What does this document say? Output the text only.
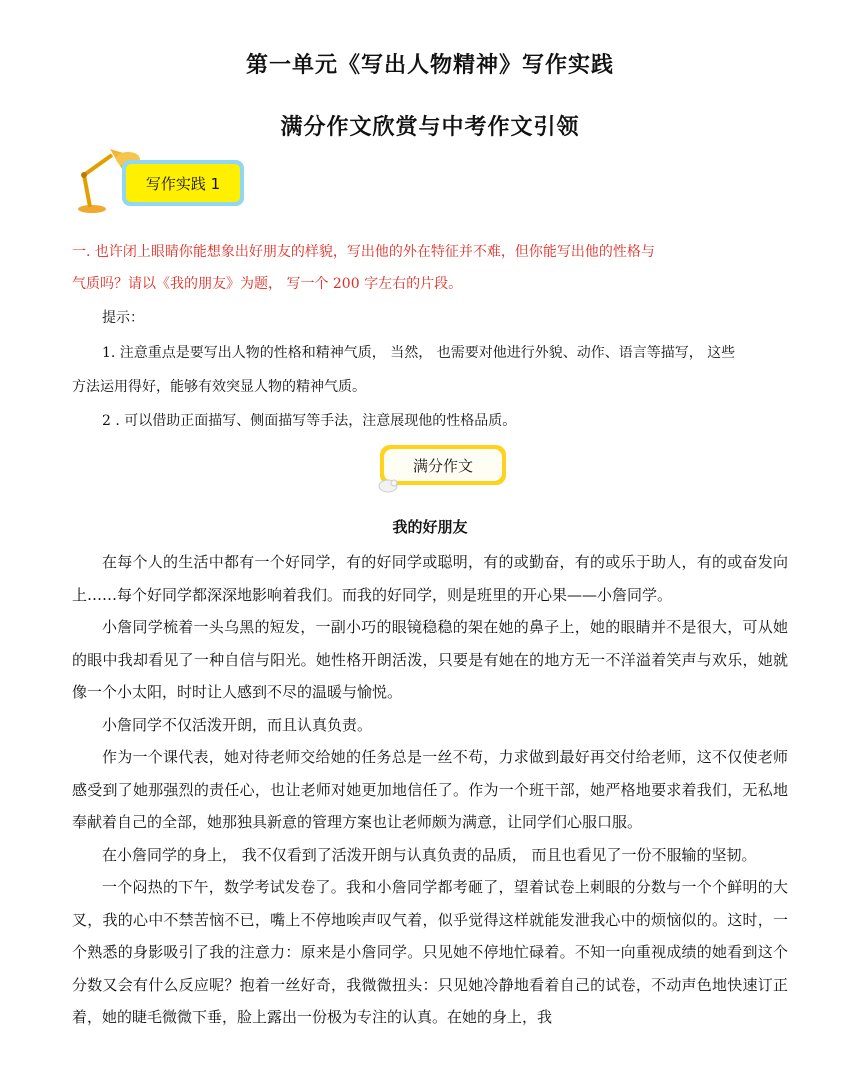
第一单元《写出人物精神》写作实践
满分作文欣赏与中考作文引领
写作实践 1
一. 也许闭上眼睛你能想象出好朋友的样貌，写出他的外在特征并不难，但你能写出他的性格与
气质吗？请以《我的朋友》为题， 写一个 200 字左右的片段。
提示：
1. 注意重点是要写出人物的性格和精神气质， 当然， 也需要对他进行外貌、动作、语言等描写， 这些
方法运用得好，能够有效突显人物的精神气质。
2 . 可以借助正面描写、侧面描写等手法，注意展现他的性格品质。
满分作文
我的好朋友

在每个人的生活中都有一个好同学，有的好同学或聪明，有的或勤奋，有的或乐于助人，有的或奋发向上……每个好同学都深深地影响着我们。而我的好同学，则是班里的开心果——小詹同学。

小詹同学梳着一头乌黑的短发，一副小巧的眼镜稳稳的架在她的鼻子上，她的眼睛并不是很大，可从她的眼中我却看见了一种自信与阳光。她性格开朗活泼，只要是有她在的地方无一不洋溢着笑声与欢乐，她就像一个小太阳，时时让人感到不尽的温暖与愉悦。

小詹同学不仅活泼开朗，而且认真负责。

作为一个课代表，她对待老师交给她的任务总是一丝不苟，力求做到最好再交付给老师，这不仅使老师感受到了她那强烈的责任心，也让老师对她更加地信任了。作为一个班干部，她严格地要求着我们，无私地奉献着自己的全部，她那独具新意的管理方案也让老师颇为满意，让同学们心服口服。

在小詹同学的身上， 我不仅看到了活泼开朗与认真负责的品质， 而且也看见了一份不服输的坚韧。

一个闷热的下午，数学考试发卷了。我和小詹同学都考砸了，望着试卷上刺眼的分数与一个个鲜明的大叉，我的心中不禁苦恼不已，嘴上不停地唉声叹气着，似乎觉得这样就能发泄我心中的烦恼似的。这时，一个熟悉的身影吸引了我的注意力：原来是小詹同学。只见她不停地忙碌着。不知一向重视成绩的她看到这个分数又会有什么反应呢？抱着一丝好奇，我微微扭头：只见她冷静地看着自己的试卷，不动声色地快速订正着，她的睫毛微微下垂，脸上露出一份极为专注的认真。在她的身上，我
